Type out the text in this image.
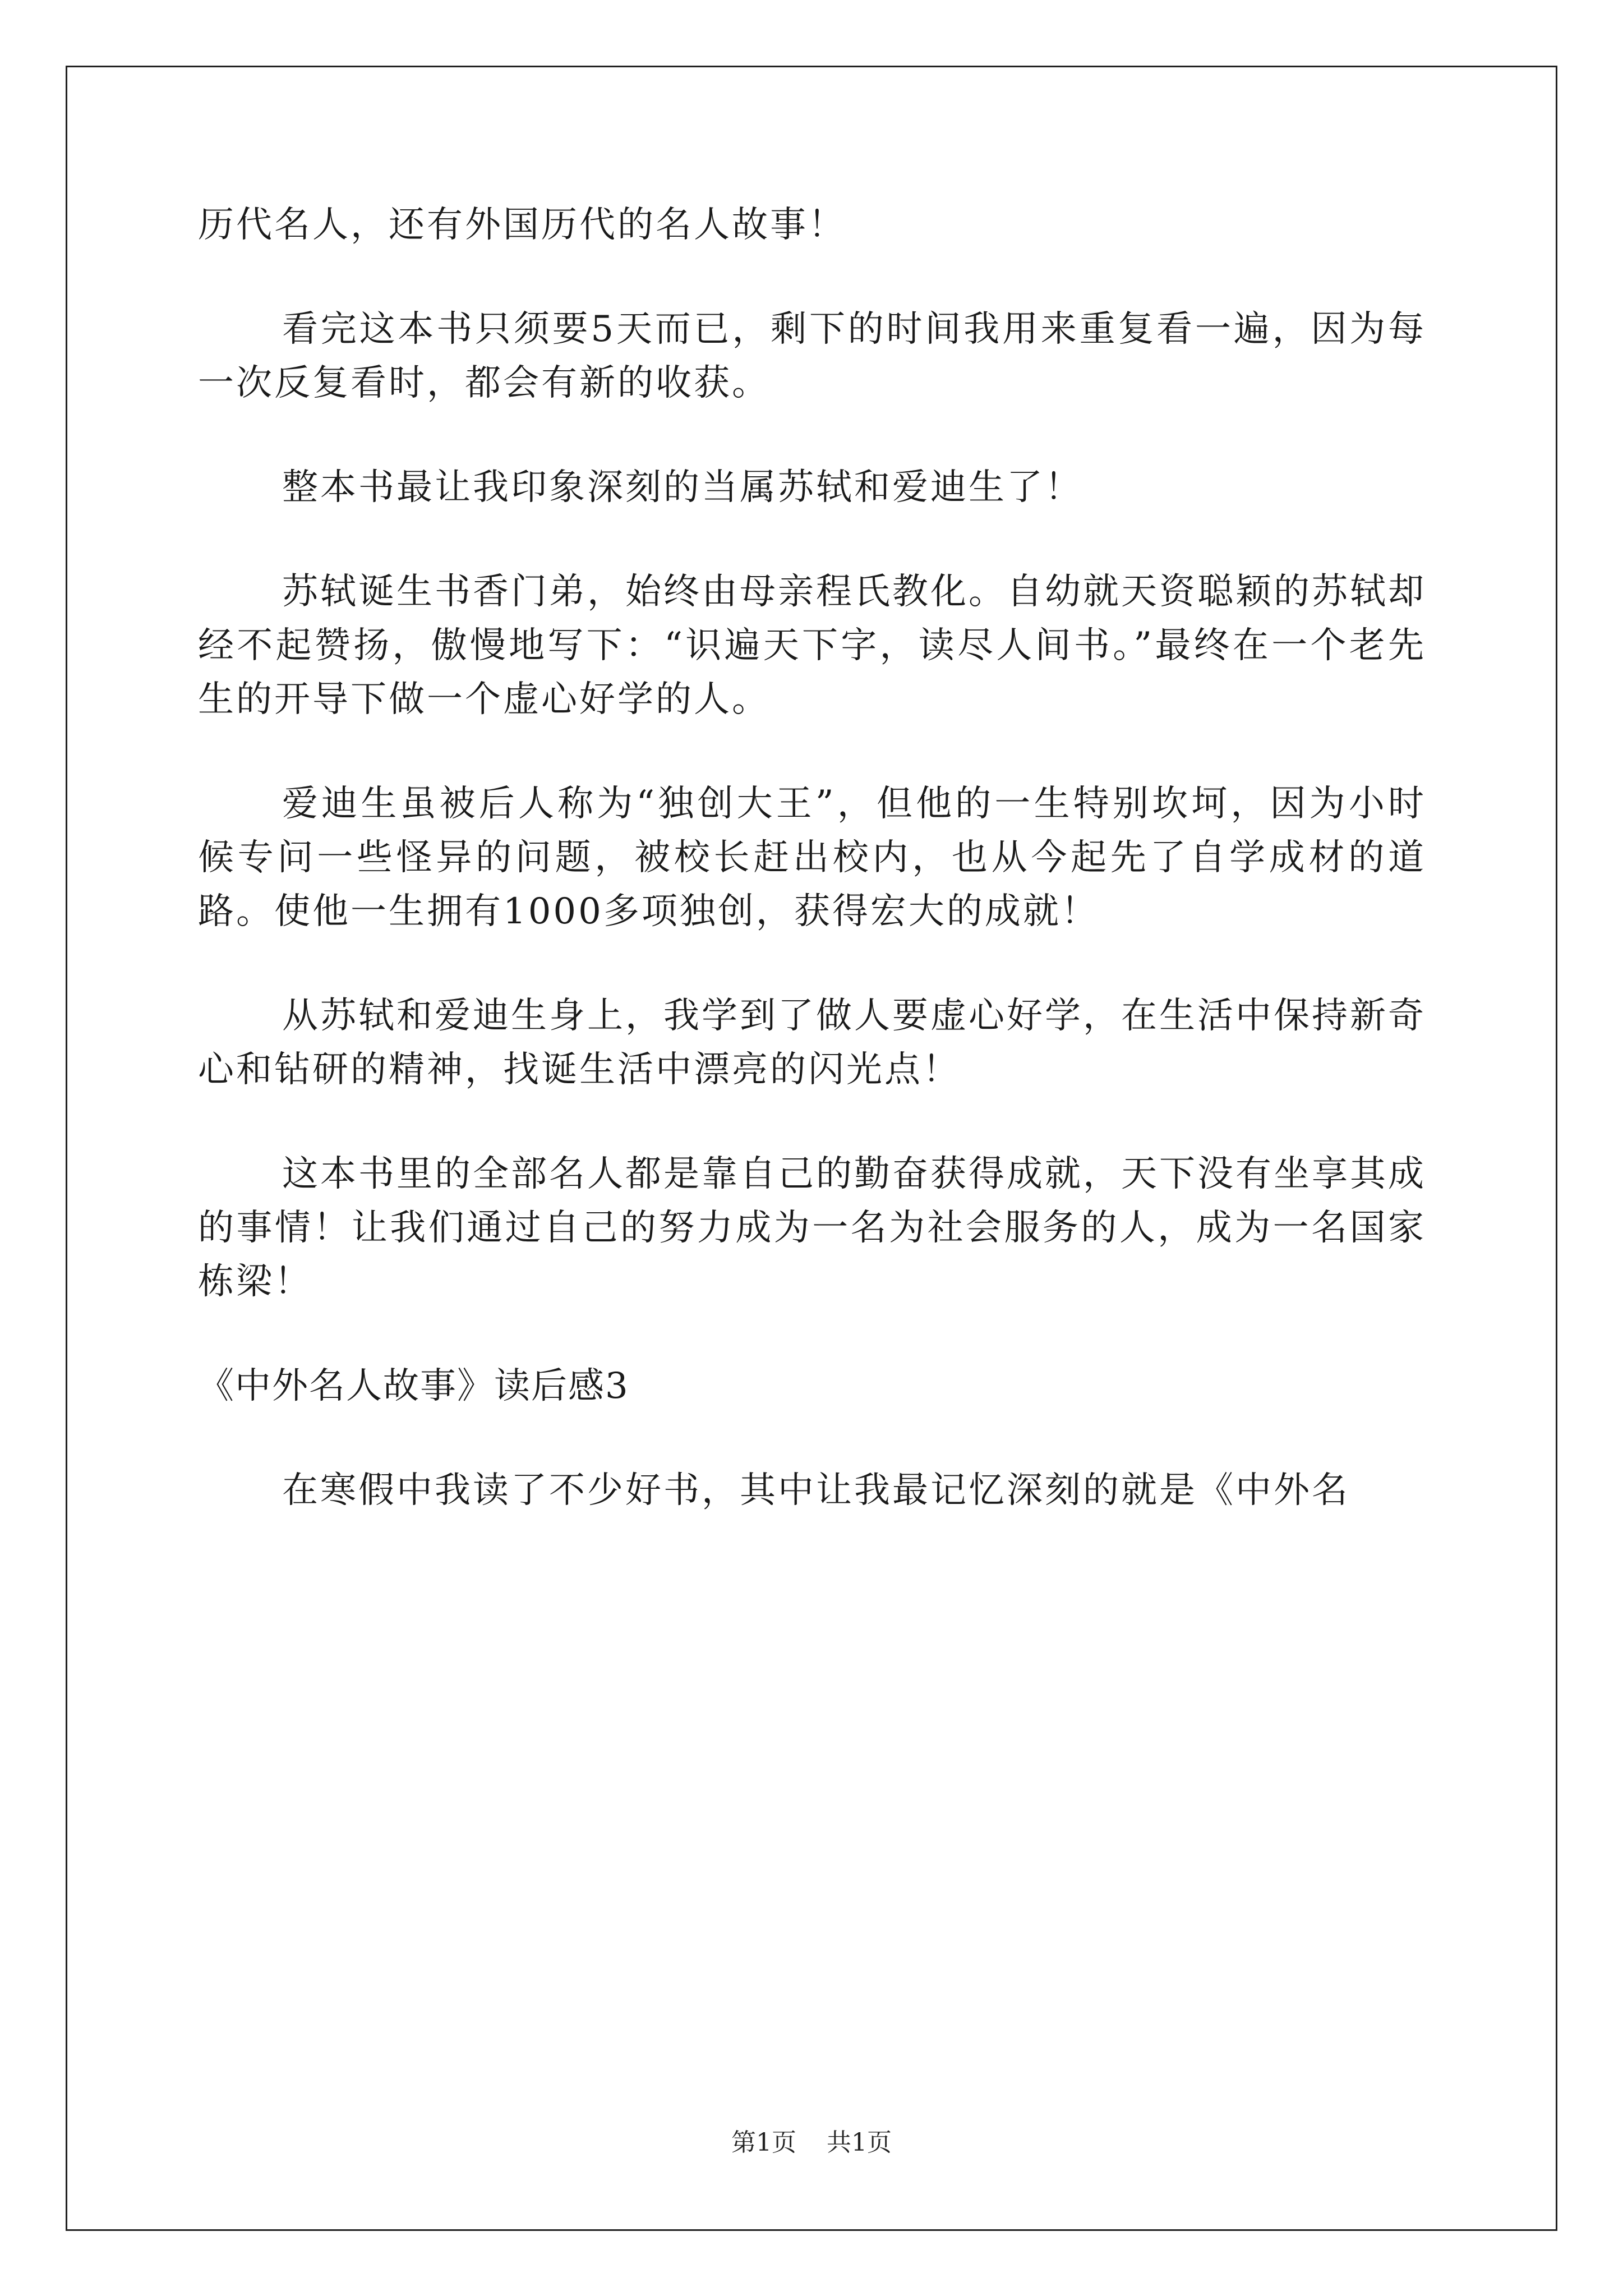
历代名人，还有外国历代的名人故事！

看完这本书只须要5天而已，剩下的时间我用来重复看一遍，因为每一次反复看时，都会有新的收获。

整本书最让我印象深刻的当属苏轼和爱迪生了！

苏轼诞生书香门弟，始终由母亲程氏教化。自幼就天资聪颖的苏轼却经不起赞扬，傲慢地写下：“识遍天下字，读尽人间书。”最终在一个老先生的开导下做一个虚心好学的人。

爱迪生虽被后人称为“独创大王”，但他的一生特别坎坷，因为小时候专问一些怪异的问题，被校长赶出校内，也从今起先了自学成材的道路。使他一生拥有1000多项独创，获得宏大的成就！

从苏轼和爱迪生身上，我学到了做人要虚心好学，在生活中保持新奇心和钻研的精神，找诞生活中漂亮的闪光点！

这本书里的全部名人都是靠自己的勤奋获得成就，天下没有坐享其成的事情！让我们通过自己的努力成为一名为社会服务的人，成为一名国家栋梁！

《中外名人故事》读后感3

在寒假中我读了不少好书，其中让我最记忆深刻的就是《中外名

第1页 共1页
